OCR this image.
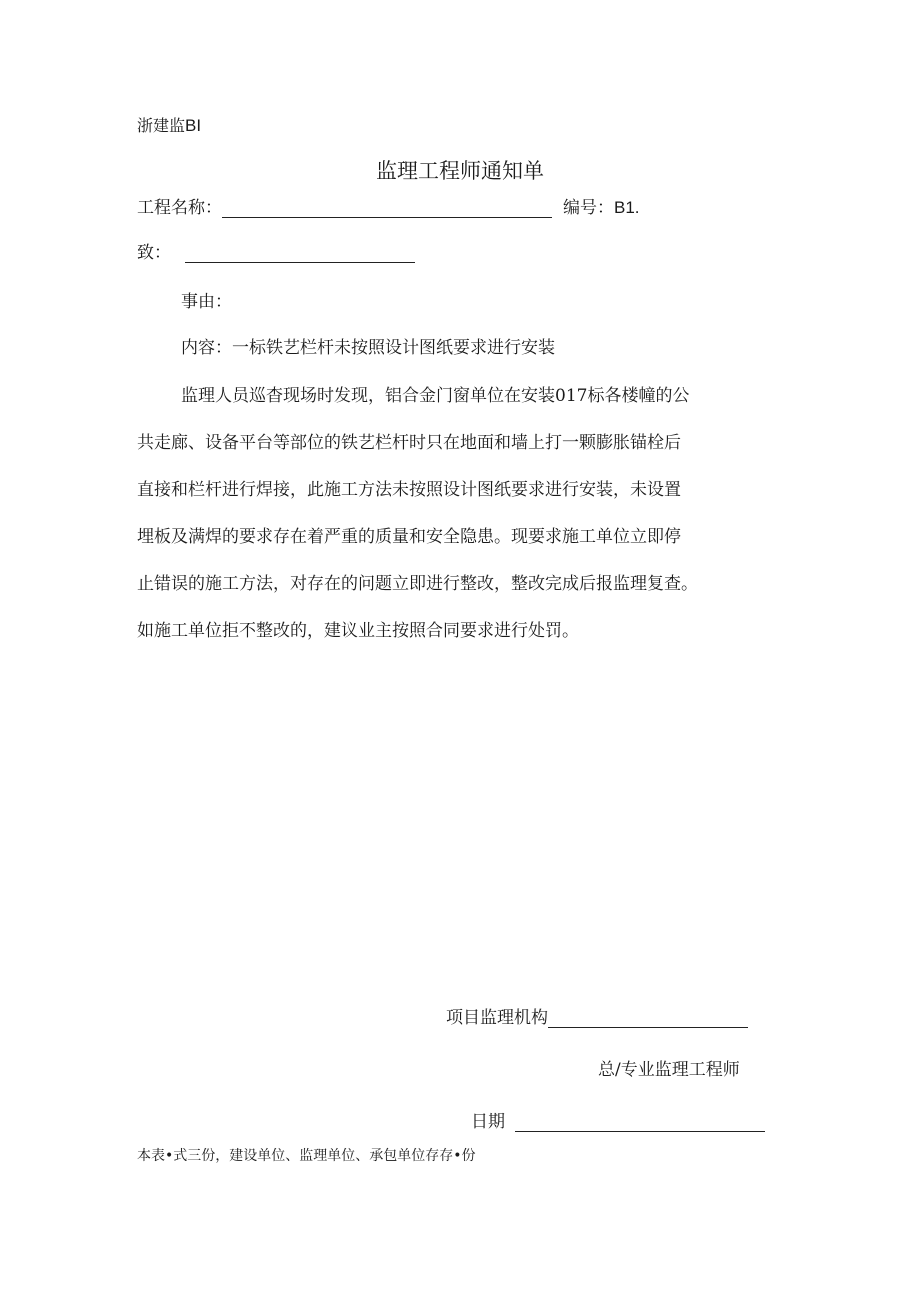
浙建监BI
监理工程师通知单
工程名称：	编号：B1.
致：
事由：
内容：一标铁艺栏杆未按照设计图纸要求进行安装
监理人员巡杳现场时发现，铝合金门窗单位在安装017标各楼幢的公
共走廊、设备平台等部位的铁艺栏杆时只在地面和墙上打一颗膨胀锚栓后
直接和栏杆进行焊接，此施工方法未按照设计图纸要求进行安装，未设置
埋板及满焊的要求存在着严重的质量和安全隐患。现要求施工单位立即停
止错误的施工方法，对存在的问题立即进行整改，整改完成后报监理复查。
如施工单位拒不整改的，建议业主按照合同要求进行处罚。
项目监理机构
总/专业监理工程师
日期
本表•式三份，建设单位、监理单位、承包单位存存•份
